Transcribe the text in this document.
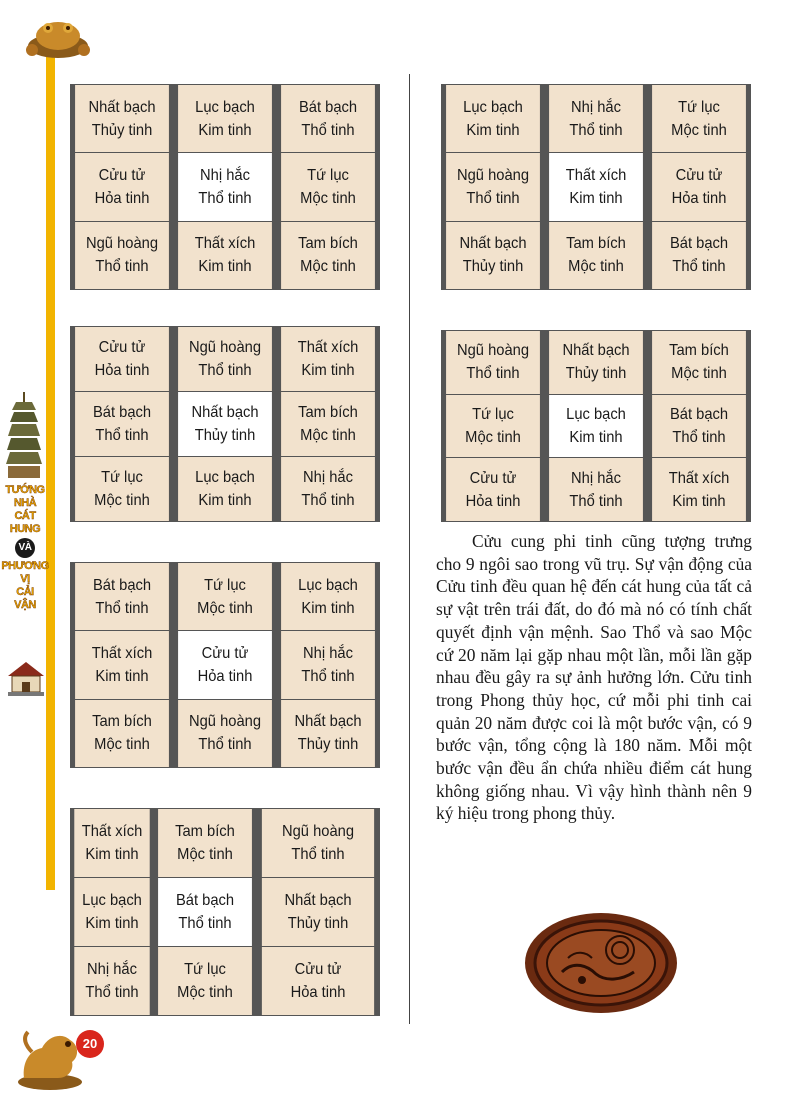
TƯỚNG
NHÀ
CÁT
HUNG
VÀ
PHƯƠNG
VỊ
CẢI
VẬN
20
Nhất bạch
Thủy tinh
Lục bạch
Kim tinh
Bát bạch
Thổ tinh
Cửu tử
Hỏa tinh
Nhị hắc
Thổ tinh
Tứ lục
Mộc tinh
Ngũ hoàng
Thổ tinh
Thất xích
Kim tinh
Tam bích
Mộc tinh
Cửu tử
Hỏa tinh
Ngũ hoàng
Thổ tinh
Thất xích
Kim tinh
Bát bạch
Thổ tinh
Nhất bạch
Thủy tinh
Tam bích
Mộc tinh
Tứ lục
Mộc tinh
Lục bạch
Kim tinh
Nhị hắc
Thổ tinh
Bát bạch
Thổ tinh
Tứ lục
Mộc tinh
Lục bạch
Kim tinh
Thất xích
Kim tinh
Cửu tử
Hỏa tinh
Nhị hắc
Thổ tinh
Tam bích
Mộc tinh
Ngũ hoàng
Thổ tinh
Nhất bạch
Thủy tinh
Thất xích
Kim tinh
Tam bích
Mộc tinh
Ngũ hoàng
Thổ tinh
Lục bạch
Kim tinh
Bát bạch
Thổ tinh
Nhất bạch
Thủy tinh
Nhị hắc
Thổ tinh
Tứ lục
Mộc tinh
Cửu tử
Hỏa tinh
Lục bạch
Kim tinh
Nhị hắc
Thổ tinh
Tứ lục
Mộc tinh
Ngũ hoàng
Thổ tinh
Thất xích
Kim tinh
Cửu tử
Hỏa tinh
Nhất bạch
Thủy tinh
Tam bích
Mộc tinh
Bát bạch
Thổ tinh
Ngũ hoàng
Thổ tinh
Nhất bạch
Thủy tinh
Tam bích
Mộc tinh
Tứ lục
Mộc tinh
Lục bạch
Kim tinh
Bát bạch
Thổ tinh
Cửu tử
Hỏa tinh
Nhị hắc
Thổ tinh
Thất xích
Kim tinh

Cửu cung phi tinh cũng tượng trưng cho 9 ngôi sao trong vũ trụ. Sự vận động của Cửu tinh đều quan hệ đến cát hung của tất cả sự vật trên trái đất, do đó mà nó có tính chất quyết định vận mệnh. Sao Thổ và sao Mộc cứ 20 năm lại gặp nhau một lần, mỗi lần gặp nhau đều gây ra sự ảnh hưởng lớn. Cửu tinh trong Phong thủy học, cứ mỗi phi tinh cai quản 20 năm được coi là một bước vận, có 9 bước vận, tổng cộng là 180 năm. Mỗi một bước vận đều ẩn chứa nhiều điểm cát hung không giống nhau. Vì vậy hình thành nên 9 ký hiệu trong phong thủy.
